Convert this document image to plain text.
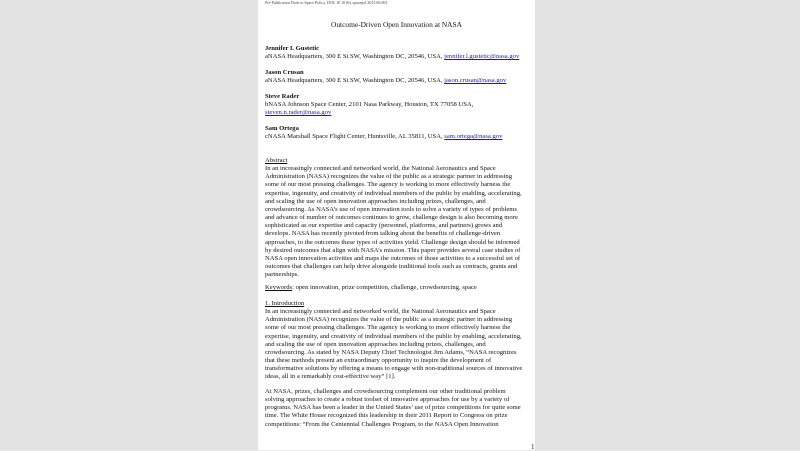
Pre-Publication Draft to Space Policy, DOI: 10.1016/j.spacepol.2015.06.002
Outcome-Driven Open Innovation at NASA
Jennifer L Gustetic
aNASA Headquarters, 300 E St SW, Washington DC, 20546, USA, jennifer.l.gustetic@nasa.gov
Jason Crusan
aNASA Headquarters, 300 E St SW, Washington DC, 20546, USA, jason.crusan@nasa.gov
Steve Rader
bNASA Johnson Space Center, 2101 Nasa Parkway, Houston, TX 77058 USA,
steven.n.rader@nasa.gov
Sam Ortega
cNASA Marshall Space Flight Center, Huntsville, AL 35811, USA, sam.ortega@nasa.gov
Abstract
In an increasingly connected and networked world, the National Aeronautics and Space
Administration (NASA) recognizes the value of the public as a strategic partner in addressing
some of our most pressing challenges. The agency is working to more effectively harness the
expertise, ingenuity, and creativity of individual members of the public by enabling, accelerating,
and scaling the use of open innovation approaches including prizes, challenges, and
crowdsourcing. As NASA’s use of open innovation tools to solve a variety of types of problems
and advance of number of outcomes continues to grow, challenge design is also becoming more
sophisticated as our expertise and capacity (personnel, platforms, and partners) grows and
develops. NASA has recently pivoted from talking about the benefits of challenge-driven
approaches, to the outcomes these types of activities yield. Challenge design should be informed
by desired outcomes that align with NASA’s mission. This paper provides several case studies of
NASA open innovation activities and maps the outcomes of those activities to a successful set of
outcomes that challenges can help drive alongside traditional tools such as contracts, grants and
partnerships.
Keywords: open innovation, prize competition, challenge, crowdsourcing, space
1. Introduction
In an increasingly connected and networked world, the National Aeronautics and Space
Administration (NASA) recognizes the value of the public as a strategic partner in addressing
some of our most pressing challenges. The agency is working to more effectively harness the
expertise, ingenuity, and creativity of individual members of the public by enabling, accelerating,
and scaling the use of open innovation approaches including prizes, challenges, and
crowdsourcing. As stated by NASA Deputy Chief Technologist Jim Adams, “NASA recognizes
that these methods present an extraordinary opportunity to inspire the development of
transformative solutions by offering a means to engage with non-traditional sources of innovative
ideas, all in a remarkably cost-effective way” [1].
At NASA, prizes, challenges and crowdsourcing complement our other traditional problem
solving approaches to create a robust toolset of innovative approaches for use by a variety of
programs. NASA has been a leader in the United States’ use of prize competitions for quite some
time. The White House recognized this leadership in their 2011 Report to Congress on prize
competitions: “From the Centennial Challenges Program, to the NASA Open Innovation
1
